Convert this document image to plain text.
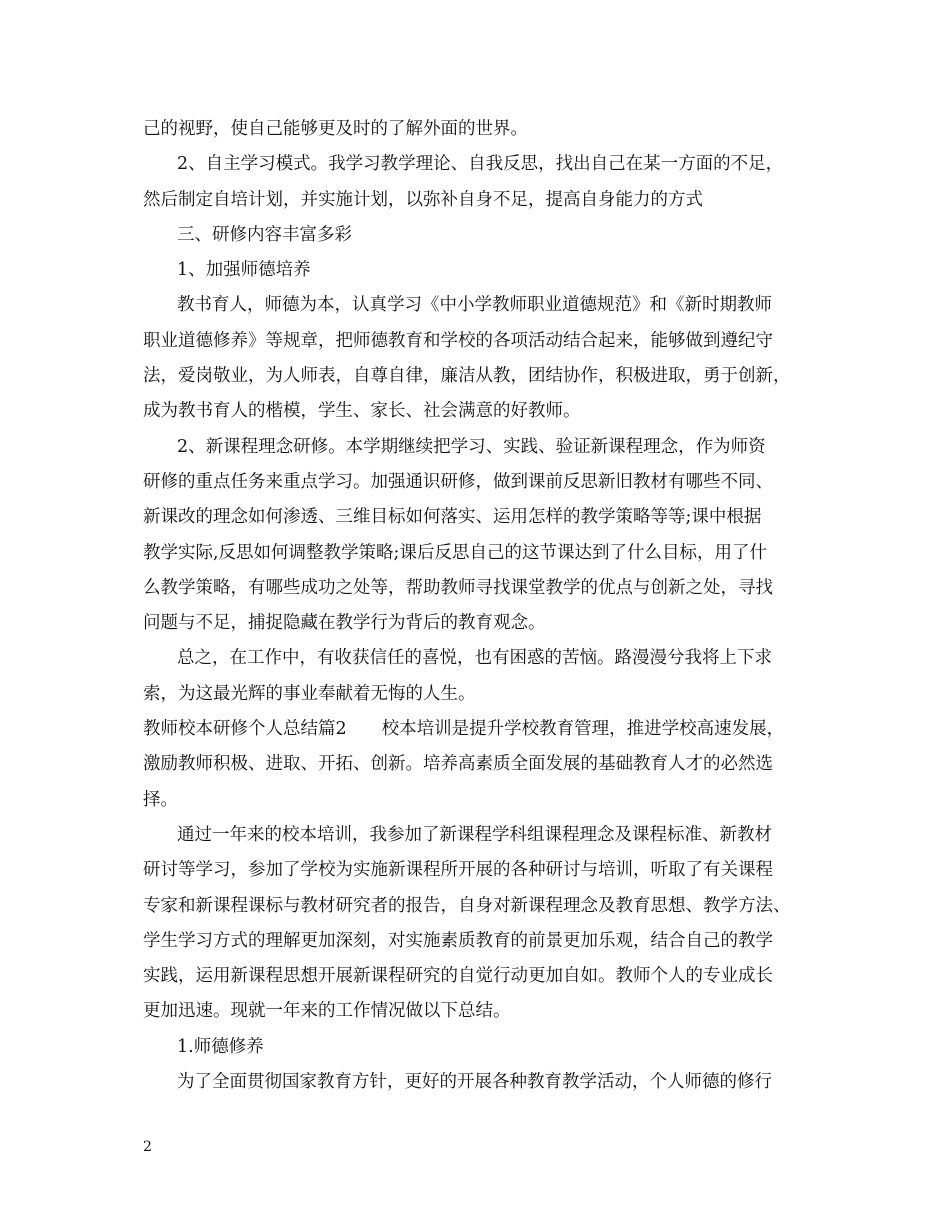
己的视野，使自己能够更及时的了解外面的世界。
2、自主学习模式。我学习教学理论、自我反思，找出自己在某一方面的不足，
然后制定自培计划，并实施计划，以弥补自身不足，提高自身能力的方式
三、研修内容丰富多彩
1、加强师德培养
教书育人，师德为本，认真学习《中小学教师职业道德规范》和《新时期教师
职业道德修养》等规章，把师德教育和学校的各项活动结合起来，能够做到遵纪守
法，爱岗敬业，为人师表，自尊自律，廉洁从教，团结协作，积极进取，勇于创新，
成为教书育人的楷模，学生、家长、社会满意的好教师。
2、新课程理念研修。本学期继续把学习、实践、验证新课程理念，作为师资
研修的重点任务来重点学习。加强通识研修，做到课前反思新旧教材有哪些不同、
新课改的理念如何渗透、三维目标如何落实、运用怎样的教学策略等等;课中根据
教学实际,反思如何调整教学策略;课后反思自己的这节课达到了什么目标，用了什
么教学策略，有哪些成功之处等，帮助教师寻找课堂教学的优点与创新之处，寻找
问题与不足，捕捉隐藏在教学行为背后的教育观念。
总之，在工作中，有收获信任的喜悦，也有困惑的苦恼。路漫漫兮我将上下求
索，为这最光辉的事业奉献着无悔的人生。
教师校本研修个人总结篇2　　校本培训是提升学校教育管理，推进学校高速发展，
激励教师积极、进取、开拓、创新。培养高素质全面发展的基础教育人才的必然选
择。
通过一年来的校本培训，我参加了新课程学科组课程理念及课程标准、新教材
研讨等学习，参加了学校为实施新课程所开展的各种研讨与培训，听取了有关课程
专家和新课程课标与教材研究者的报告，自身对新课程理念及教育思想、教学方法、
学生学习方式的理解更加深刻，对实施素质教育的前景更加乐观，结合自己的教学
实践，运用新课程思想开展新课程研究的自觉行动更加自如。教师个人的专业成长
更加迅速。现就一年来的工作情况做以下总结。
1.师德修养
为了全面贯彻国家教育方针，更好的开展各种教育教学活动，个人师德的修行
2
